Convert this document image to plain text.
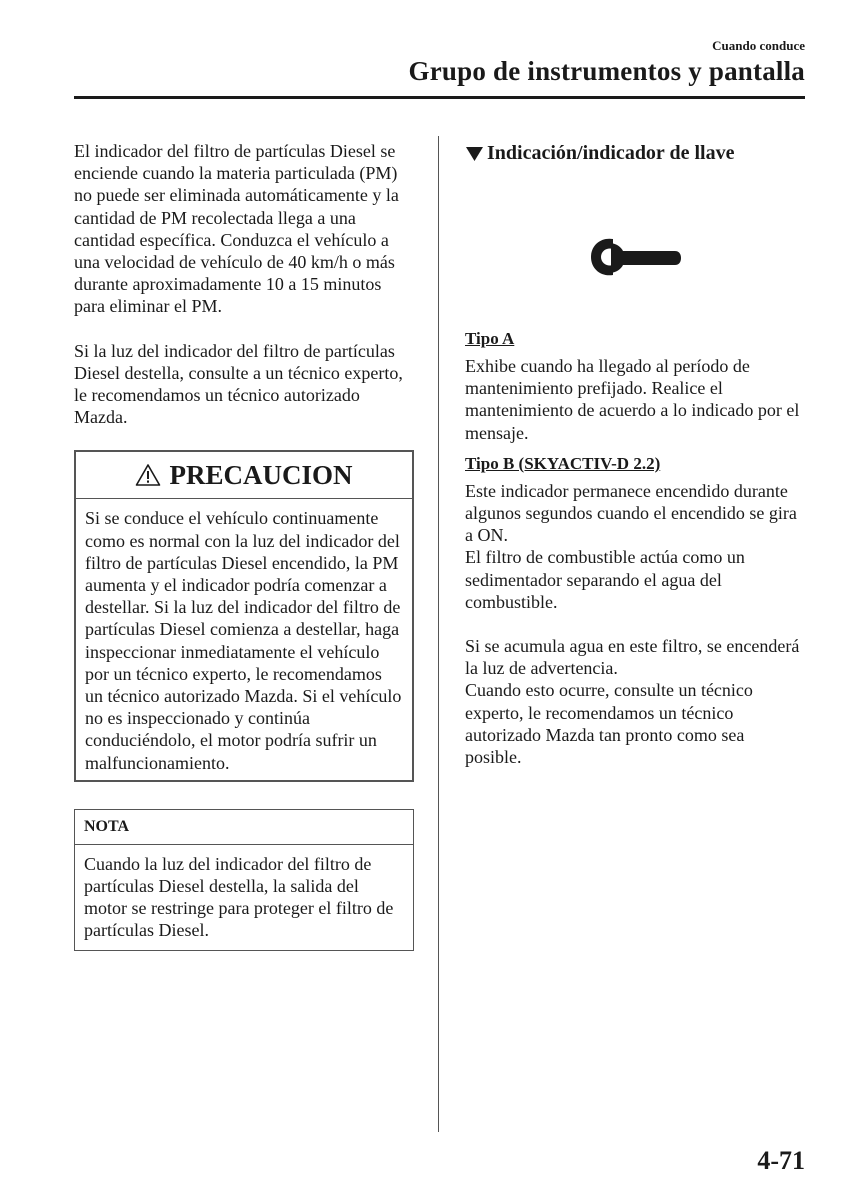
Cuando conduce
Grupo de instrumentos y pantalla

El indicador del filtro de partículas Diesel se enciende cuando la materia particulada (PM) no puede ser eliminada automáticamente y la cantidad de PM recolectada llega a una cantidad específica. Conduzca el vehículo a una velocidad de vehículo de 40 km/h o más durante aproximadamente 10 a 15 minutos para eliminar el PM.

Si la luz del indicador del filtro de partículas Diesel destella, consulte a un técnico experto, le recomendamos un técnico autorizado Mazda.

PRECAUCION
Si se conduce el vehículo continuamente como es normal con la luz del indicador del filtro de partículas Diesel encendido, la PM aumenta y el indicador podría comenzar a destellar. Si la luz del indicador del filtro de partículas Diesel comienza a destellar, haga inspeccionar inmediatamente el vehículo por un técnico experto, le recomendamos un técnico autorizado Mazda. Si el vehículo no es inspeccionado y continúa conduciéndolo, el motor podría sufrir un malfuncionamiento.
NOTA
Cuando la luz del indicador del filtro de partículas Diesel destella, la salida del motor se restringe para proteger el filtro de partículas Diesel.
Indicación/indicador de llave
Tipo A

Exhibe cuando ha llegado al período de mantenimiento prefijado. Realice el mantenimiento de acuerdo a lo indicado por el mensaje.

Tipo B (SKYACTIV-D 2.2)

Este indicador permanece encendido durante algunos segundos cuando el encendido se gira a ON.

El filtro de combustible actúa como un sedimentador separando el agua del combustible.

Si se acumula agua en este filtro, se encenderá la luz de advertencia.

Cuando esto ocurre, consulte un técnico experto, le recomendamos un técnico autorizado Mazda tan pronto como sea posible.

4-71
